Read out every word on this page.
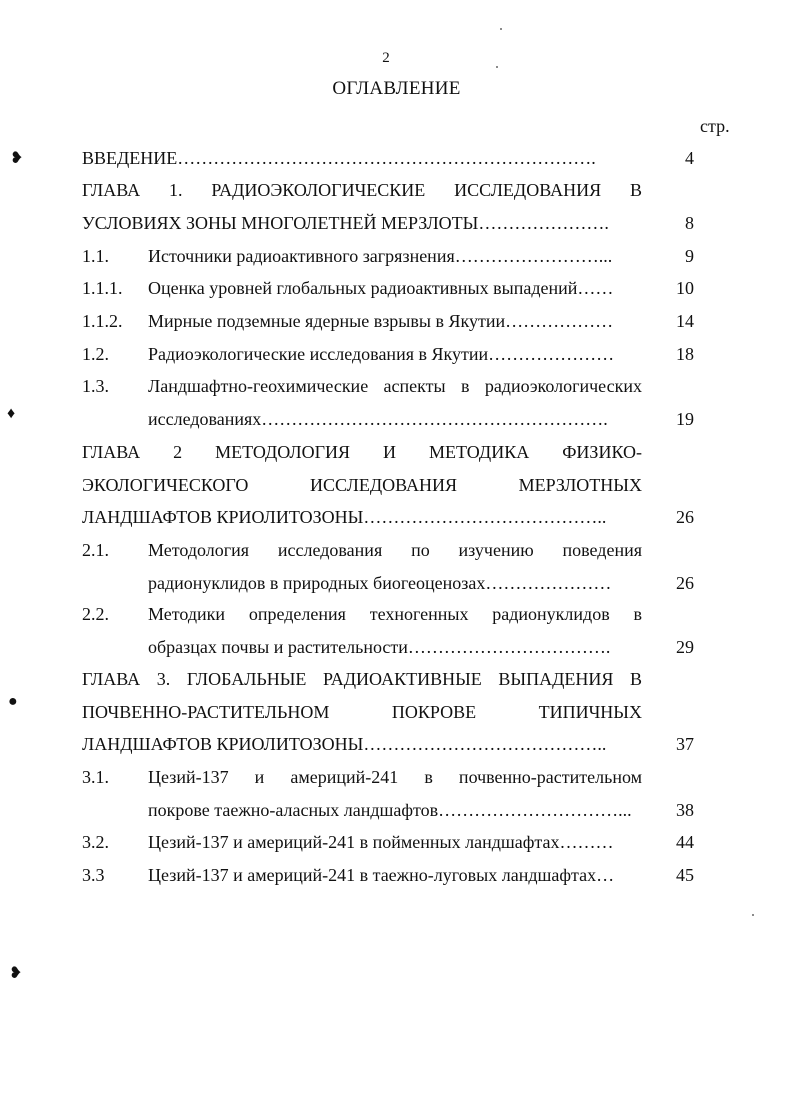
2
ОГЛАВЛЕНИЕ
стр.
❥
♦
●
❥
ВВЕДЕНИЕ…………………………………………………………….	4
ГЛАВА 1. РАДИОЭКОЛОГИЧЕСКИЕ ИССЛЕДОВАНИЯ В
УСЛОВИЯХ ЗОНЫ МНОГОЛЕТНЕЙ МЕРЗЛОТЫ………………….	8
1.1. Источники радиоактивного загрязнения……………………...	9
1.1.1. Оценка уровней глобальных радиоактивных выпадений……	10
1.1.2. Мирные подземные ядерные взрывы в Якутии………………	14
1.2. Радиоэкологические исследования в Якутии…………………	18
1.3. Ландшафтно-геохимические аспекты в радиоэкологических
исследованиях………………………………………………….	19
ГЛАВА 2 МЕТОДОЛОГИЯ И МЕТОДИКА ФИЗИКО-
ЭКОЛОГИЧЕСКОГО ИССЛЕДОВАНИЯ МЕРЗЛОТНЫХ
ЛАНДШАФТОВ КРИОЛИТОЗОНЫ…………………………………..	26
2.1. Методология исследования по изучению поведения
радионуклидов в природных биогеоценозах…………………	26
2.2. Методики определения техногенных радионуклидов в
образцах почвы и растительности…………………………….	29
ГЛАВА 3. ГЛОБАЛЬНЫЕ РАДИОАКТИВНЫЕ ВЫПАДЕНИЯ В
ПОЧВЕННО-РАСТИТЕЛЬНОМ ПОКРОВЕ ТИПИЧНЫХ
ЛАНДШАФТОВ КРИОЛИТОЗОНЫ…………………………………..	37
3.1. Цезий-137 и америций-241 в почвенно-растительном
покрове таежно-аласных ландшафтов…………………………...	38
3.2. Цезий-137 и америций-241 в пойменных ландшафтах………	44
3.3 Цезий-137 и америций-241 в таежно-луговых ландшафтах…	45
